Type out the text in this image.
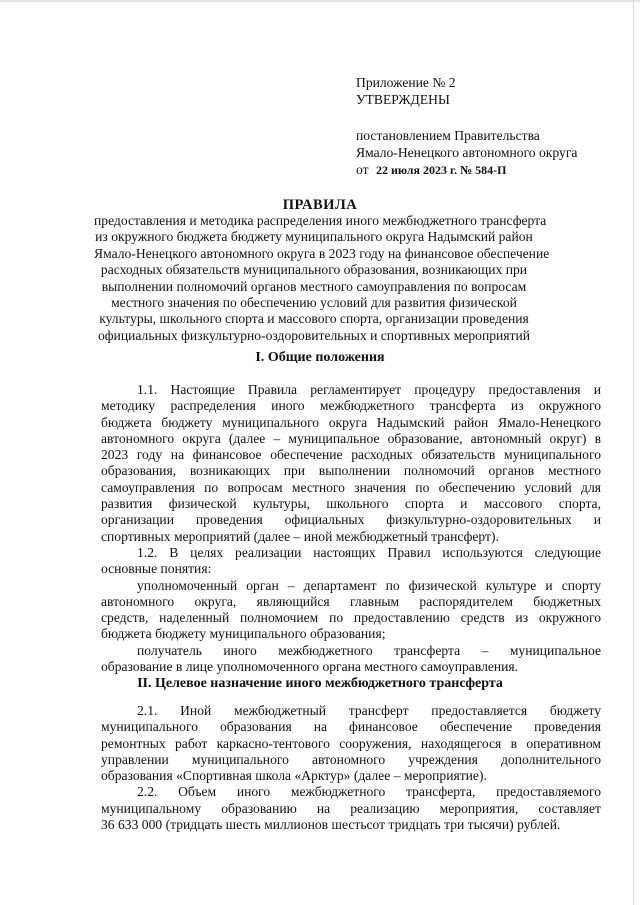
Приложение № 2
УТВЕРЖДЕНЫ
постановлением Правительства
Ямало-Ненецкого автономного округа
от 22 июля 2023 г. № 584-П
ПРАВИЛА
предоставления и методика распределения иного межбюджетного трансферта
из окружного бюджета бюджету муниципального округа Надымский район
Ямало-Ненецкого автономного округа в 2023 году на финансовое обеспечение
расходных обязательств муниципального образования, возникающих при
выполнении полномочий органов местного самоуправления по вопросам
местного значения по обеспечению условий для развития физической
культуры, школьного спорта и массового спорта, организации проведения
официальных физкультурно-оздоровительных и спортивных мероприятий
I. Общие положения
1.1. Настоящие Правила регламентирует процедуру предоставления и
методику распределения иного межбюджетного трансферта из окружного
бюджета бюджету муниципального округа Надымский район Ямало-Ненецкого
автономного округа (далее – муниципальное образование, автономный округ) в
2023 году на финансовое обеспечение расходных обязательств муниципального
образования, возникающих при выполнении полномочий органов местного
самоуправления по вопросам местного значения по обеспечению условий для
развития физической культуры, школьного спорта и массового спорта,
организации проведения официальных физкультурно-оздоровительных и
спортивных мероприятий (далее – иной межбюджетный трансферт).
1.2. В целях реализации настоящих Правил используются следующие
основные понятия:
уполномоченный орган – департамент по физической культуре и спорту
автономного округа, являющийся главным распорядителем бюджетных
средств, наделенный полномочием по предоставлению средств из окружного
бюджета бюджету муниципального образования;
получатель иного межбюджетного трансферта – муниципальное
образование в лице уполномоченного органа местного самоуправления.
II. Целевое назначение иного межбюджетного трансферта
2.1. Иной межбюджетный трансферт предоставляется бюджету
муниципального образования на финансовое обеспечение проведения
ремонтных работ каркасно-тентового сооружения, находящегося в оперативном
управлении муниципального автономного учреждения дополнительного
образования «Спортивная школа «Арктур» (далее – мероприятие).
2.2. Объем иного межбюджетного трансферта, предоставляемого
муниципальному образованию на реализацию мероприятия, составляет
36 633 000 (тридцать шесть миллионов шестьсот тридцать три тысячи) рублей.
